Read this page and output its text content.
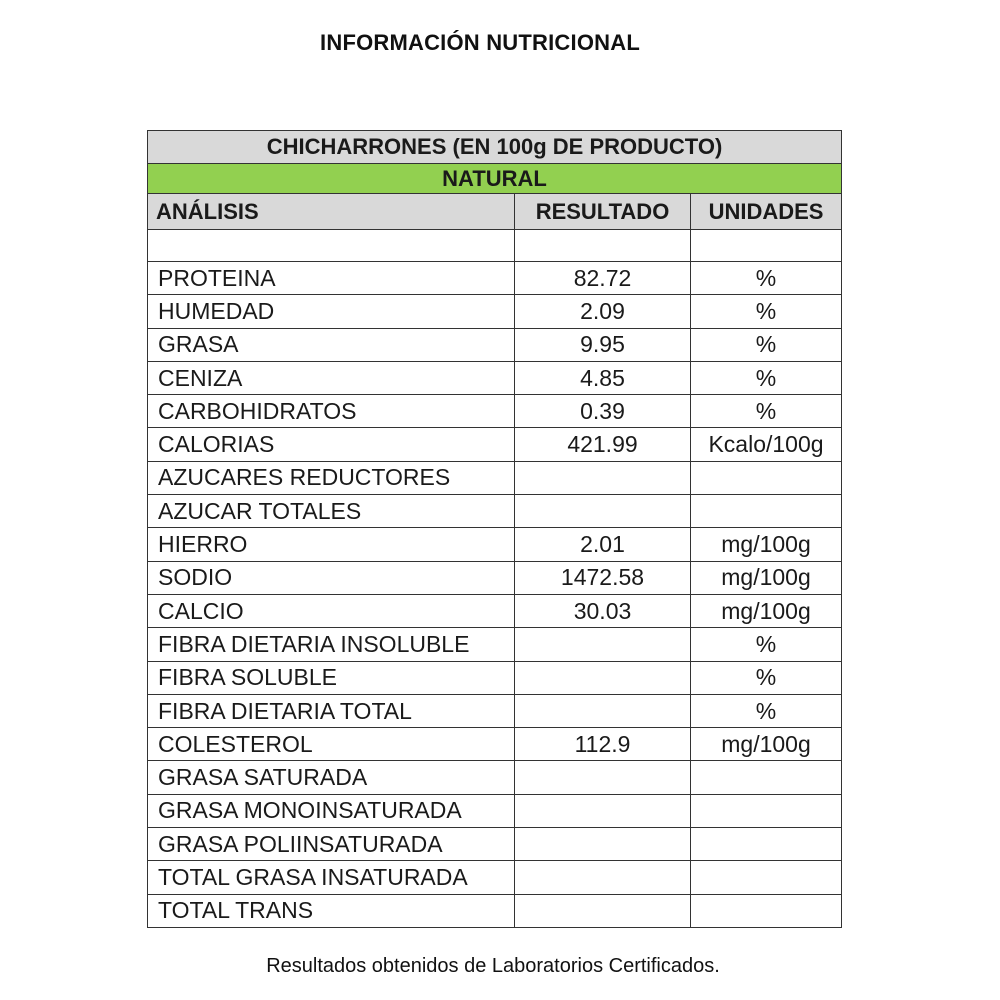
INFORMACIÓN NUTRICIONAL
CHICHARRONES (EN 100g DE PRODUCTO)		
NATURAL		
ANÁLISIS	RESULTADO	UNIDADES

PROTEINA	82.72	%
HUMEDAD	2.09	%
GRASA	9.95	%
CENIZA	4.85	%
CARBOHIDRATOS	0.39	%
CALORIAS	421.99	Kcalo/100g
AZUCARES REDUCTORES		
AZUCAR TOTALES		
HIERRO	2.01	mg/100g
SODIO	1472.58	mg/100g
CALCIO	30.03	mg/100g
FIBRA DIETARIA INSOLUBLE		%
FIBRA SOLUBLE		%
FIBRA DIETARIA TOTAL		%
COLESTEROL	112.9	mg/100g
GRASA SATURADA		
GRASA MONOINSATURADA		
GRASA POLIINSATURADA		
TOTAL GRASA INSATURADA		
TOTAL TRANS		
Resultados obtenidos de Laboratorios Certificados.
